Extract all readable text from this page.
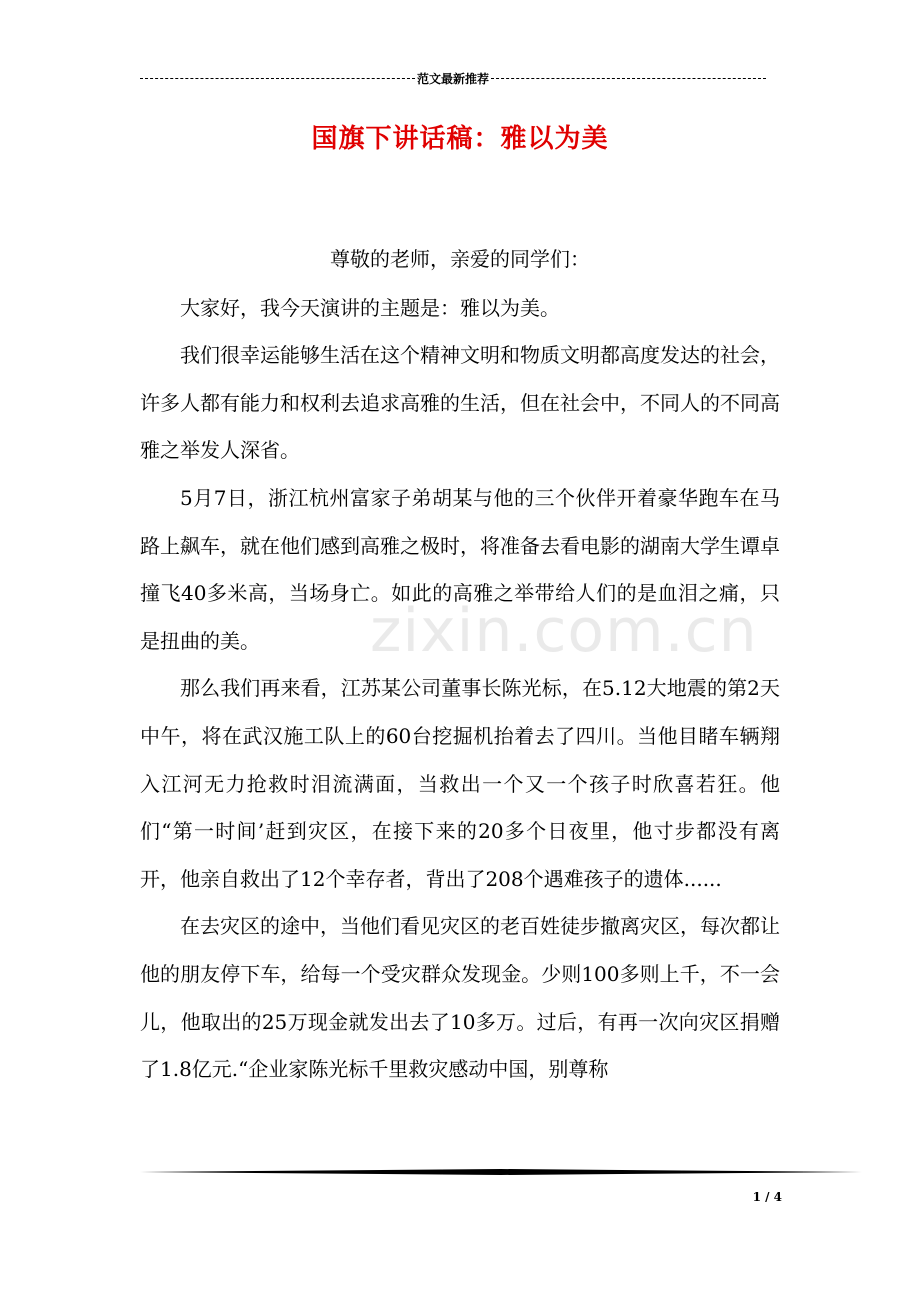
范文最新推荐
国旗下讲话稿：雅以为美

尊敬的老师，亲爱的同学们：

大家好，我今天演讲的主题是：雅以为美。

我们很幸运能够生活在这个精神文明和物质文明都高度发达的社会，许多人都有能力和权利去追求高雅的生活，但在社会中，不同人的不同高雅之举发人深省。

5月7日，浙江杭州富家子弟胡某与他的三个伙伴开着豪华跑车在马路上飙车，就在他们感到高雅之极时，将准备去看电影的湖南大学生谭卓撞飞40多米高，当场身亡。如此的高雅之举带给人们的是血泪之痛，只是扭曲的美。

那么我们再来看，江苏某公司董事长陈光标，在5.12大地震的第2天中午，将在武汉施工队上的60台挖掘机抬着去了四川。当他目睹车辆翔入江河无力抢救时泪流满面，当救出一个又一个孩子时欣喜若狂。他们“第一时间’赶到灾区，在接下来的20多个日夜里，他寸步都没有离开，他亲自救出了12个幸存者，背出了208个遇难孩子的遗体......

在去灾区的途中，当他们看见灾区的老百姓徒步撤离灾区，每次都让他的朋友停下车，给每一个受灾群众发现金。少则100多则上千，不一会儿，他取出的25万现金就发出去了10多万。过后，有再一次向灾区捐赠了1.8亿元.“企业家陈光标千里救灾感动中国，别尊称

zixin.com.cn
1 / 4
